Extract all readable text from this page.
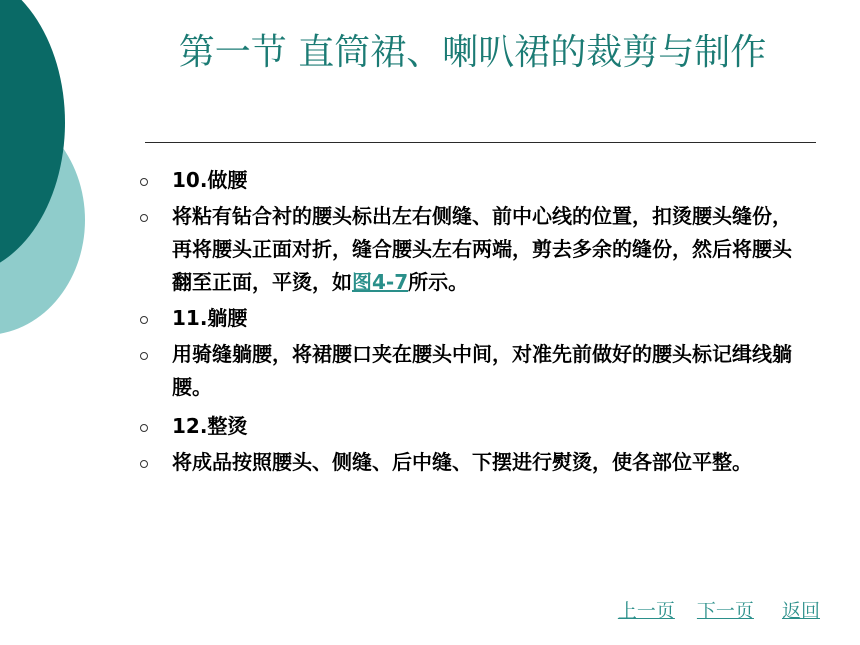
第一节 直筒裙、喇叭裙的裁剪与制作
10.做腰
将粘有钻合衬的腰头标出左右侧缝、前中心线的位置，扣烫腰头缝份，再将腰头正面对折，缝合腰头左右两端，剪去多余的缝份，然后将腰头翻至正面，平烫，如图4-7所示。
11.躺腰
用骑缝躺腰，将裙腰口夹在腰头中间，对准先前做好的腰头标记缉线躺腰。
12.整烫
将成品按照腰头、侧缝、后中缝、下摆进行熨烫，使各部位平整。
上一页 下一页 返回
